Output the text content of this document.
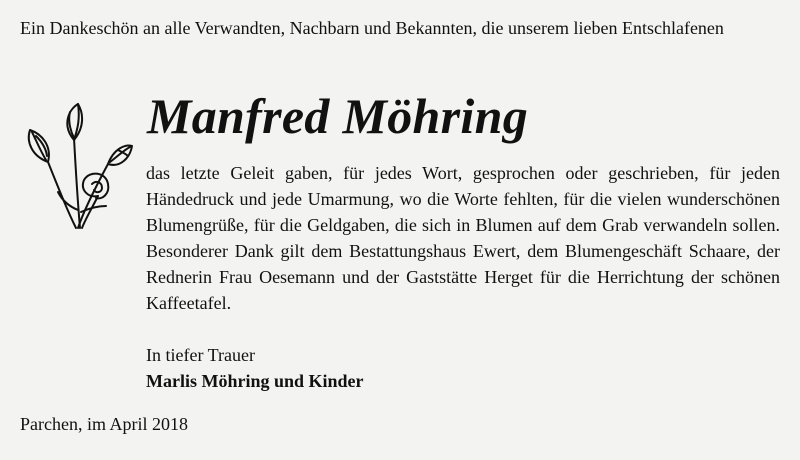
Ein Dankeschön an alle Verwandten, Nachbarn und Bekannten, die unserem lieben Entschlafenen
Manfred Möhring
das letzte Geleit gaben, für jedes Wort, gesprochen oder geschrieben, für jeden Händedruck und jede Umarmung, wo die Worte fehlten, für die vielen wunderschönen Blumengrüße, für die Geldgaben, die sich in Blumen auf dem Grab verwandeln sollen. Besonderer Dank gilt dem Bestattungshaus Ewert, dem Blumengeschäft Schaare, der Rednerin Frau Oesemann und der Gaststätte Herget für die Herrichtung der schönen Kaffeetafel.
In tiefer Trauer
Marlis Möhring und Kinder
Parchen, im April 2018
